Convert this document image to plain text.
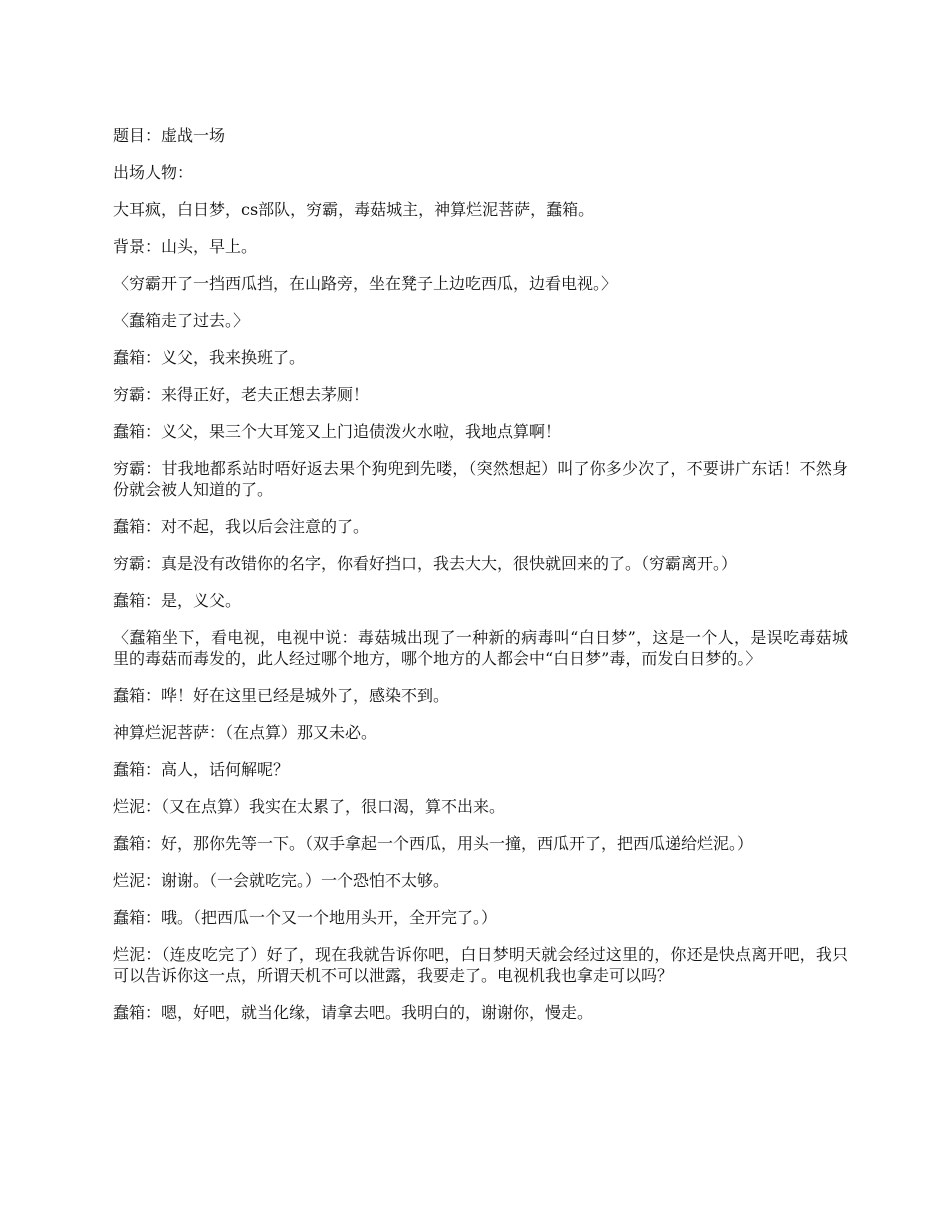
题目：虚战一场

出场人物：

大耳疯，白日梦，cs部队，穷霸，毒菇城主，神算烂泥菩萨，蠢箱。

背景：山头，早上。

〈穷霸开了一挡西瓜挡，在山路旁，坐在凳子上边吃西瓜，边看电视。〉

〈蠢箱走了过去。〉

蠢箱：义父，我来换班了。

穷霸：来得正好，老夫正想去茅厕！

蠢箱：义父，果三个大耳笼又上门追债泼火水啦，我地点算啊！

穷霸：甘我地都系站时唔好返去果个狗兜到先喽，（突然想起）叫了你多少次了，不要讲广东话！不然身份就会被人知道的了。

蠢箱：对不起，我以后会注意的了。

穷霸：真是没有改错你的名字，你看好挡口，我去大大，很快就回来的了。（穷霸离开。）

蠢箱：是，义父。

〈蠢箱坐下，看电视，电视中说：毒菇城出现了一种新的病毒叫“白日梦”，这是一个人，是误吃毒菇城里的毒菇而毒发的，此人经过哪个地方，哪个地方的人都会中“白日梦”毒，而发白日梦的。〉

蠢箱：哗！好在这里已经是城外了，感染不到。

神算烂泥菩萨：（在点算）那又未必。

蠢箱：高人，话何解呢？

烂泥：（又在点算）我实在太累了，很口渴，算不出来。

蠢箱：好，那你先等一下。（双手拿起一个西瓜，用头一撞，西瓜开了，把西瓜递给烂泥。）

烂泥：谢谢。（一会就吃完。）一个恐怕不太够。

蠢箱：哦。（把西瓜一个又一个地用头开，全开完了。）

烂泥：（连皮吃完了）好了，现在我就告诉你吧，白日梦明天就会经过这里的，你还是快点离开吧，我只可以告诉你这一点，所谓天机不可以泄露，我要走了。电视机我也拿走可以吗？

蠢箱：嗯，好吧，就当化缘，请拿去吧。我明白的，谢谢你，慢走。
